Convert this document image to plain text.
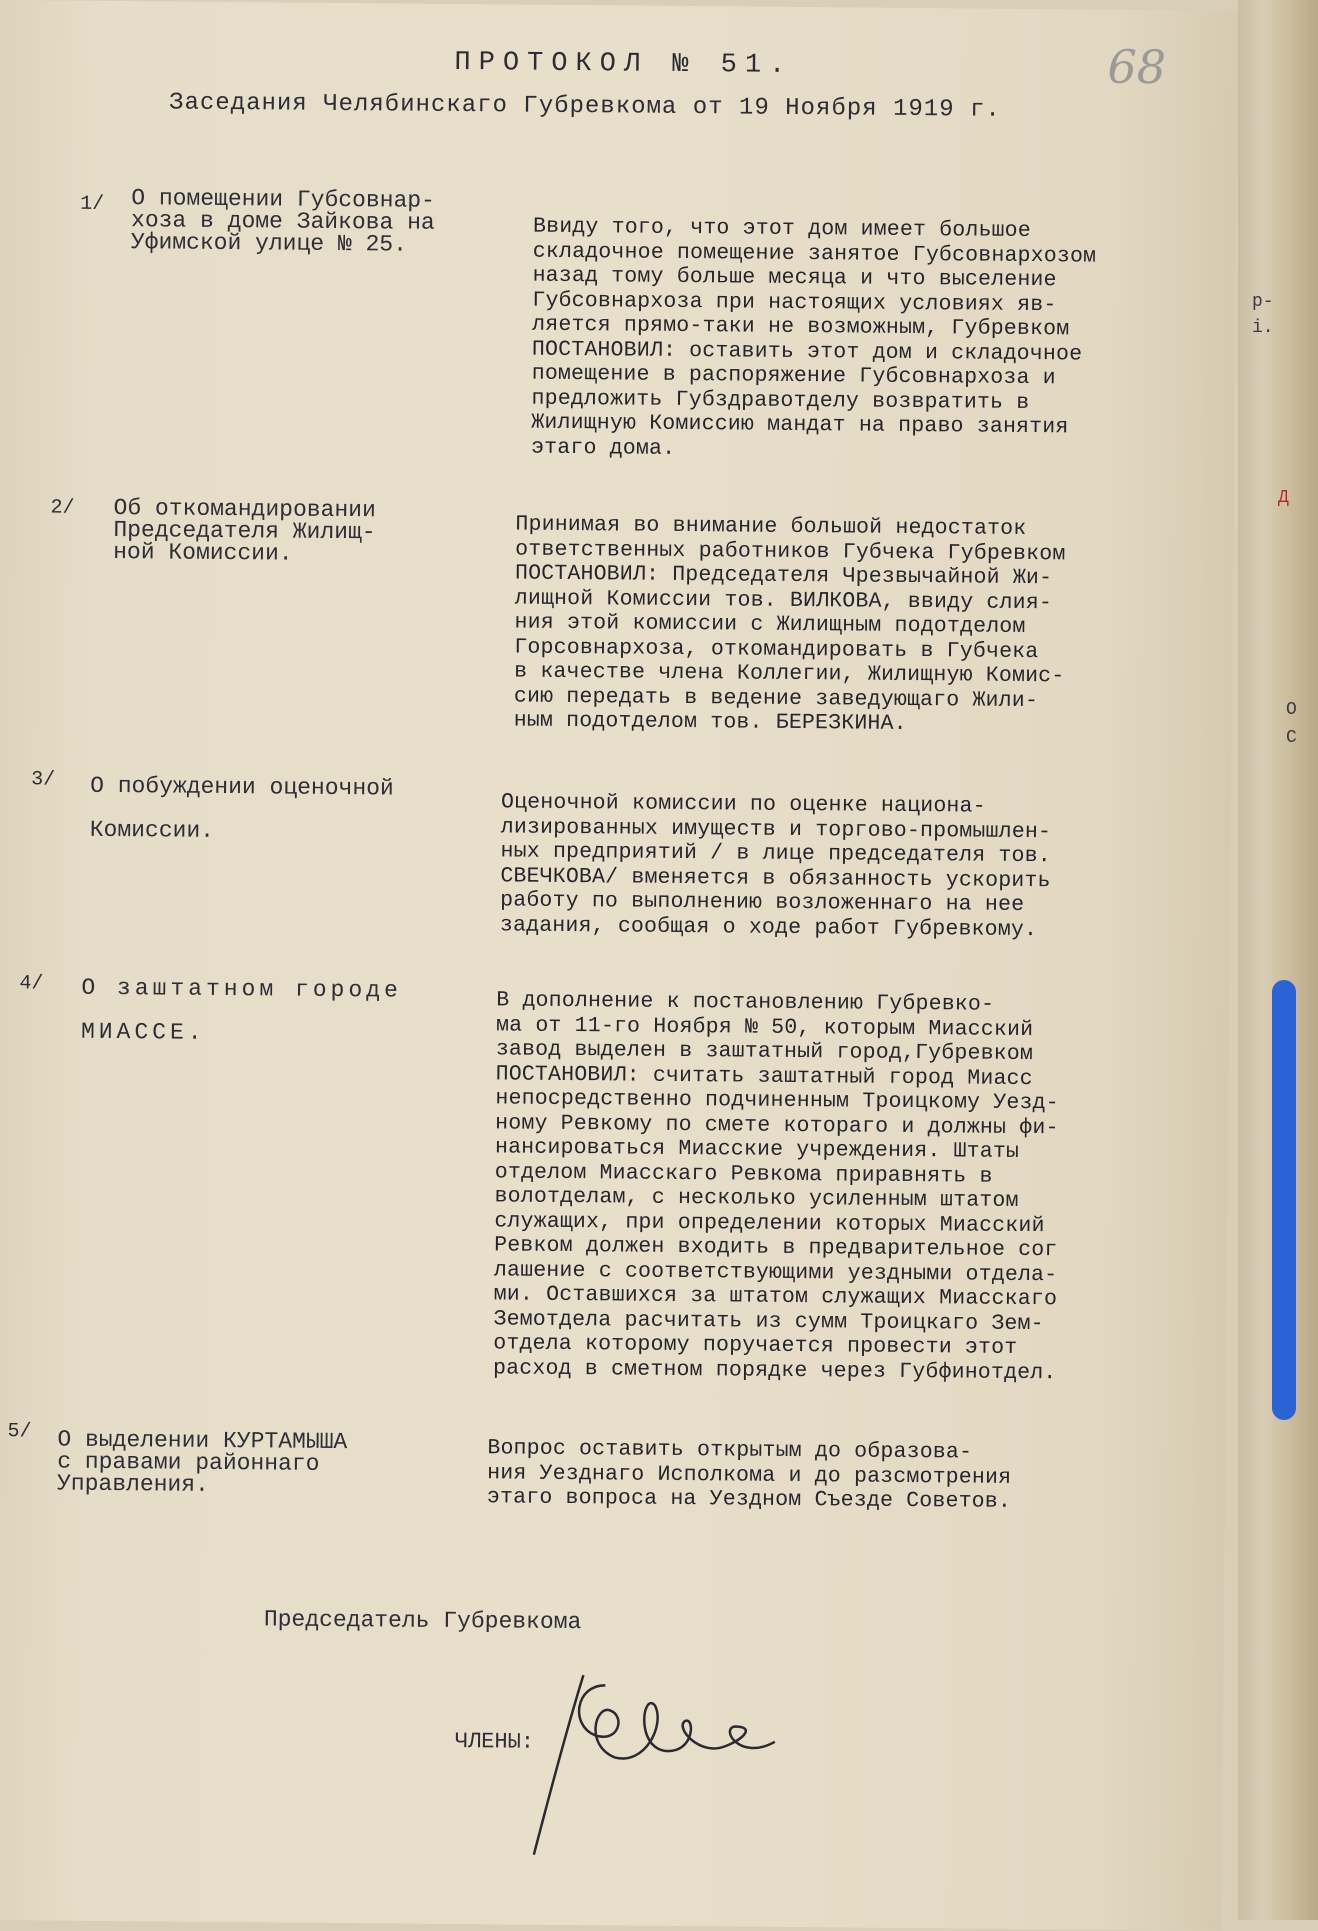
68
ПРОТОКОЛ № 51.
Заседания Челябинскаго Губревкома от 19 Ноября 1919 г.
1/ О помещении Губсовнар-
хоза в доме Зайкова на
Уфимской улице № 25.
Ввиду того, что этот дом имеет большое
складочное помещение занятое Губсовнархозом
назад тому больше месяца и что выселение
Губсовнархоза при настоящих условиях яв-
ляется прямо-таки не возможным, Губревком
ПОСТАНОВИЛ: оставить этот дом и складочное
помещение в распоряжение Губсовнархоза и
предложить Губздравотделу возвратить в
Жилищную Комиссию мандат на право занятия
этаго дома.
2/ Об откомандировании
Председателя Жилищ-
ной Комиссии.
Принимая во внимание большой недостаток
ответственных работников Губчека Губревком
ПОСТАНОВИЛ: Председателя Чрезвычайной Жи-
лищной Комиссии тов. ВИЛКОВА, ввиду слия-
ния этой комиссии с Жилищным подотделом
Горсовнархоза, откомандировать в Губчека
в качестве члена Коллегии, Жилищную Комис-
сию передать в ведение заведующаго Жили-
ным подотделом тов. БЕРЕЗКИНА.
3/ О побуждении оценочной

Комиссии.
Оценочной комиссии по оценке национа-
лизированных имуществ и торгово-промышлен-
ных предприятий / в лице председателя тов.
СВЕЧКОВА/ вменяется в обязанность ускорить
работу по выполнению возложеннаго на нее
задания, сообщая о ходе работ Губревкому.
4/ О заштатном городе

МИАССЕ.
В дополнение к постановлению Губревко-
ма от 11-го Нoября № 50, которым Миасский
завод выделен в заштатный город,Губревком
ПОСТАНОВИЛ: считать заштатный город Миасс
непосредственно подчиненным Троицкому Уезд-
ному Ревкому по смете котораго и должны фи-
нансироваться Миасские учреждения. Штаты
отделом Миасскаго Ревкома приравнять в
волотделам, с несколько усиленным штатом
служащих, при определении которых Миасский
Ревком должен входить в предварительное сог
лашение с соответствующими уездными отдела-
ми. Оставшихся за штатом служащих Миасскаго
Земотдела расчитать из сумм Троицкаго Зем-
отдела которому поручается провести этот
расход в сметном порядке через Губфинотдел.
5/ О выделении КУРТАМЫША
с правами районнаго
Управления.
Вопрос оставить открытым до образова-
ния Уезднаго Исполкома и до разсмотрения
этаго вопроса на Уездном Съезде Советов.
Председатель Губревкома
ЧЛЕНЫ:
р-
і.
Д
О
С
